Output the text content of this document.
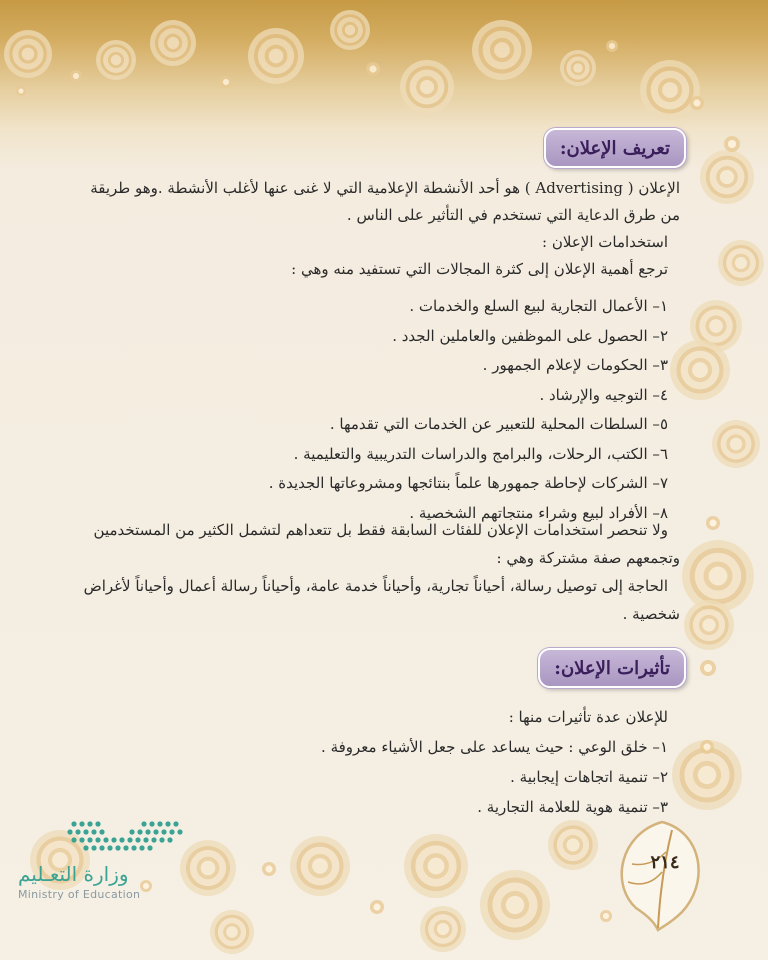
تعريف الإعلان:
الإعلان ( Advertising ) هو أحد الأنشطة الإعلامية التي لا غنى عنها لأغلب الأنشطة .وهو طريقة
من طرق الدعاية التي تستخدم في التأثير على الناس .
استخدامات الإعلان :
ترجع أهمية الإعلان إلى كثرة المجالات التي تستفيد منه وهي :
١– الأعمال التجارية لبيع السلع والخدمات .
٢– الحصول على الموظفين والعاملين الجدد .
٣– الحكومات لإعلام الجمهور .
٤– التوجيه والإرشاد .
٥– السلطات المحلية للتعبير عن الخدمات التي تقدمها .
٦– الكتب، الرحلات، والبرامج والدراسات التدريبية والتعليمية .
٧– الشركات لإحاطة جمهورها علماً بنتائجها ومشروعاتها الجديدة .
٨– الأفراد لبيع وشراء منتجاتهم الشخصية .
ولا تنحصر استخدامات الإعلان للفئات السابقة فقط بل تتعداهم لتشمل الكثير من المستخدمين
وتجمعهم صفة مشتركة وهي :
الحاجة إلى توصيل رسالة، أحياناً تجارية، وأحياناً خدمة عامة، وأحياناً رسالة أعمال وأحياناً لأغراض
شخصية .
تأثيرات الإعلان:
للإعلان عدة تأثيرات منها :
١– خلق الوعي : حيث يساعد على جعل الأشياء معروفة .
٢– تنمية اتجاهات إيجابية .
٣– تنمية هوية للعلامة التجارية .
٢١٤
وزارة التعـليم
Ministry of Education
